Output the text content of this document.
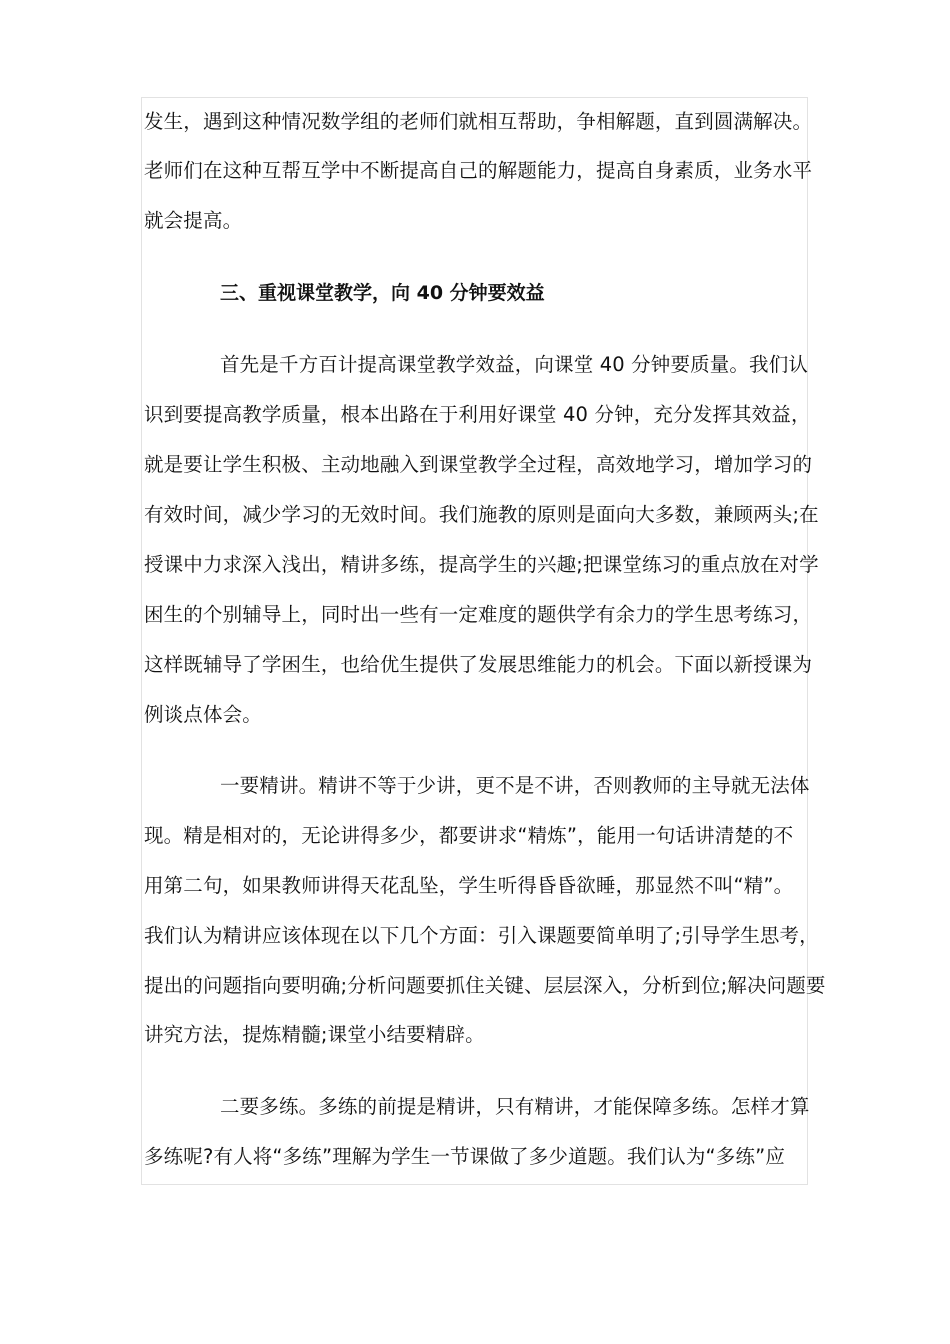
发生，遇到这种情况数学组的老师们就相互帮助，争相解题，直到圆满解决。
老师们在这种互帮互学中不断提高自己的解题能力，提高自身素质，业务水平
就会提高。
三、重视课堂教学，向 40 分钟要效益
首先是千方百计提高课堂教学效益，向课堂 40 分钟要质量。我们认
识到要提高教学质量，根本出路在于利用好课堂 40 分钟，充分发挥其效益，
就是要让学生积极、主动地融入到课堂教学全过程，高效地学习，增加学习的
有效时间，减少学习的无效时间。我们施教的原则是面向大多数，兼顾两头;在
授课中力求深入浅出，精讲多练，提高学生的兴趣;把课堂练习的重点放在对学
困生的个别辅导上，同时出一些有一定难度的题供学有余力的学生思考练习，
这样既辅导了学困生，也给优生提供了发展思维能力的机会。下面以新授课为
例谈点体会。
一要精讲。精讲不等于少讲，更不是不讲，否则教师的主导就无法体
现。精是相对的，无论讲得多少，都要讲求“精炼”，能用一句话讲清楚的不
用第二句，如果教师讲得天花乱坠，学生听得昏昏欲睡，那显然不叫“精”。
我们认为精讲应该体现在以下几个方面：引入课题要简单明了;引导学生思考，
提出的问题指向要明确;分析问题要抓住关键、层层深入，分析到位;解决问题要
讲究方法，提炼精髓;课堂小结要精辟。
二要多练。多练的前提是精讲，只有精讲，才能保障多练。怎样才算
多练呢?有人将“多练”理解为学生一节课做了多少道题。我们认为“多练”应
